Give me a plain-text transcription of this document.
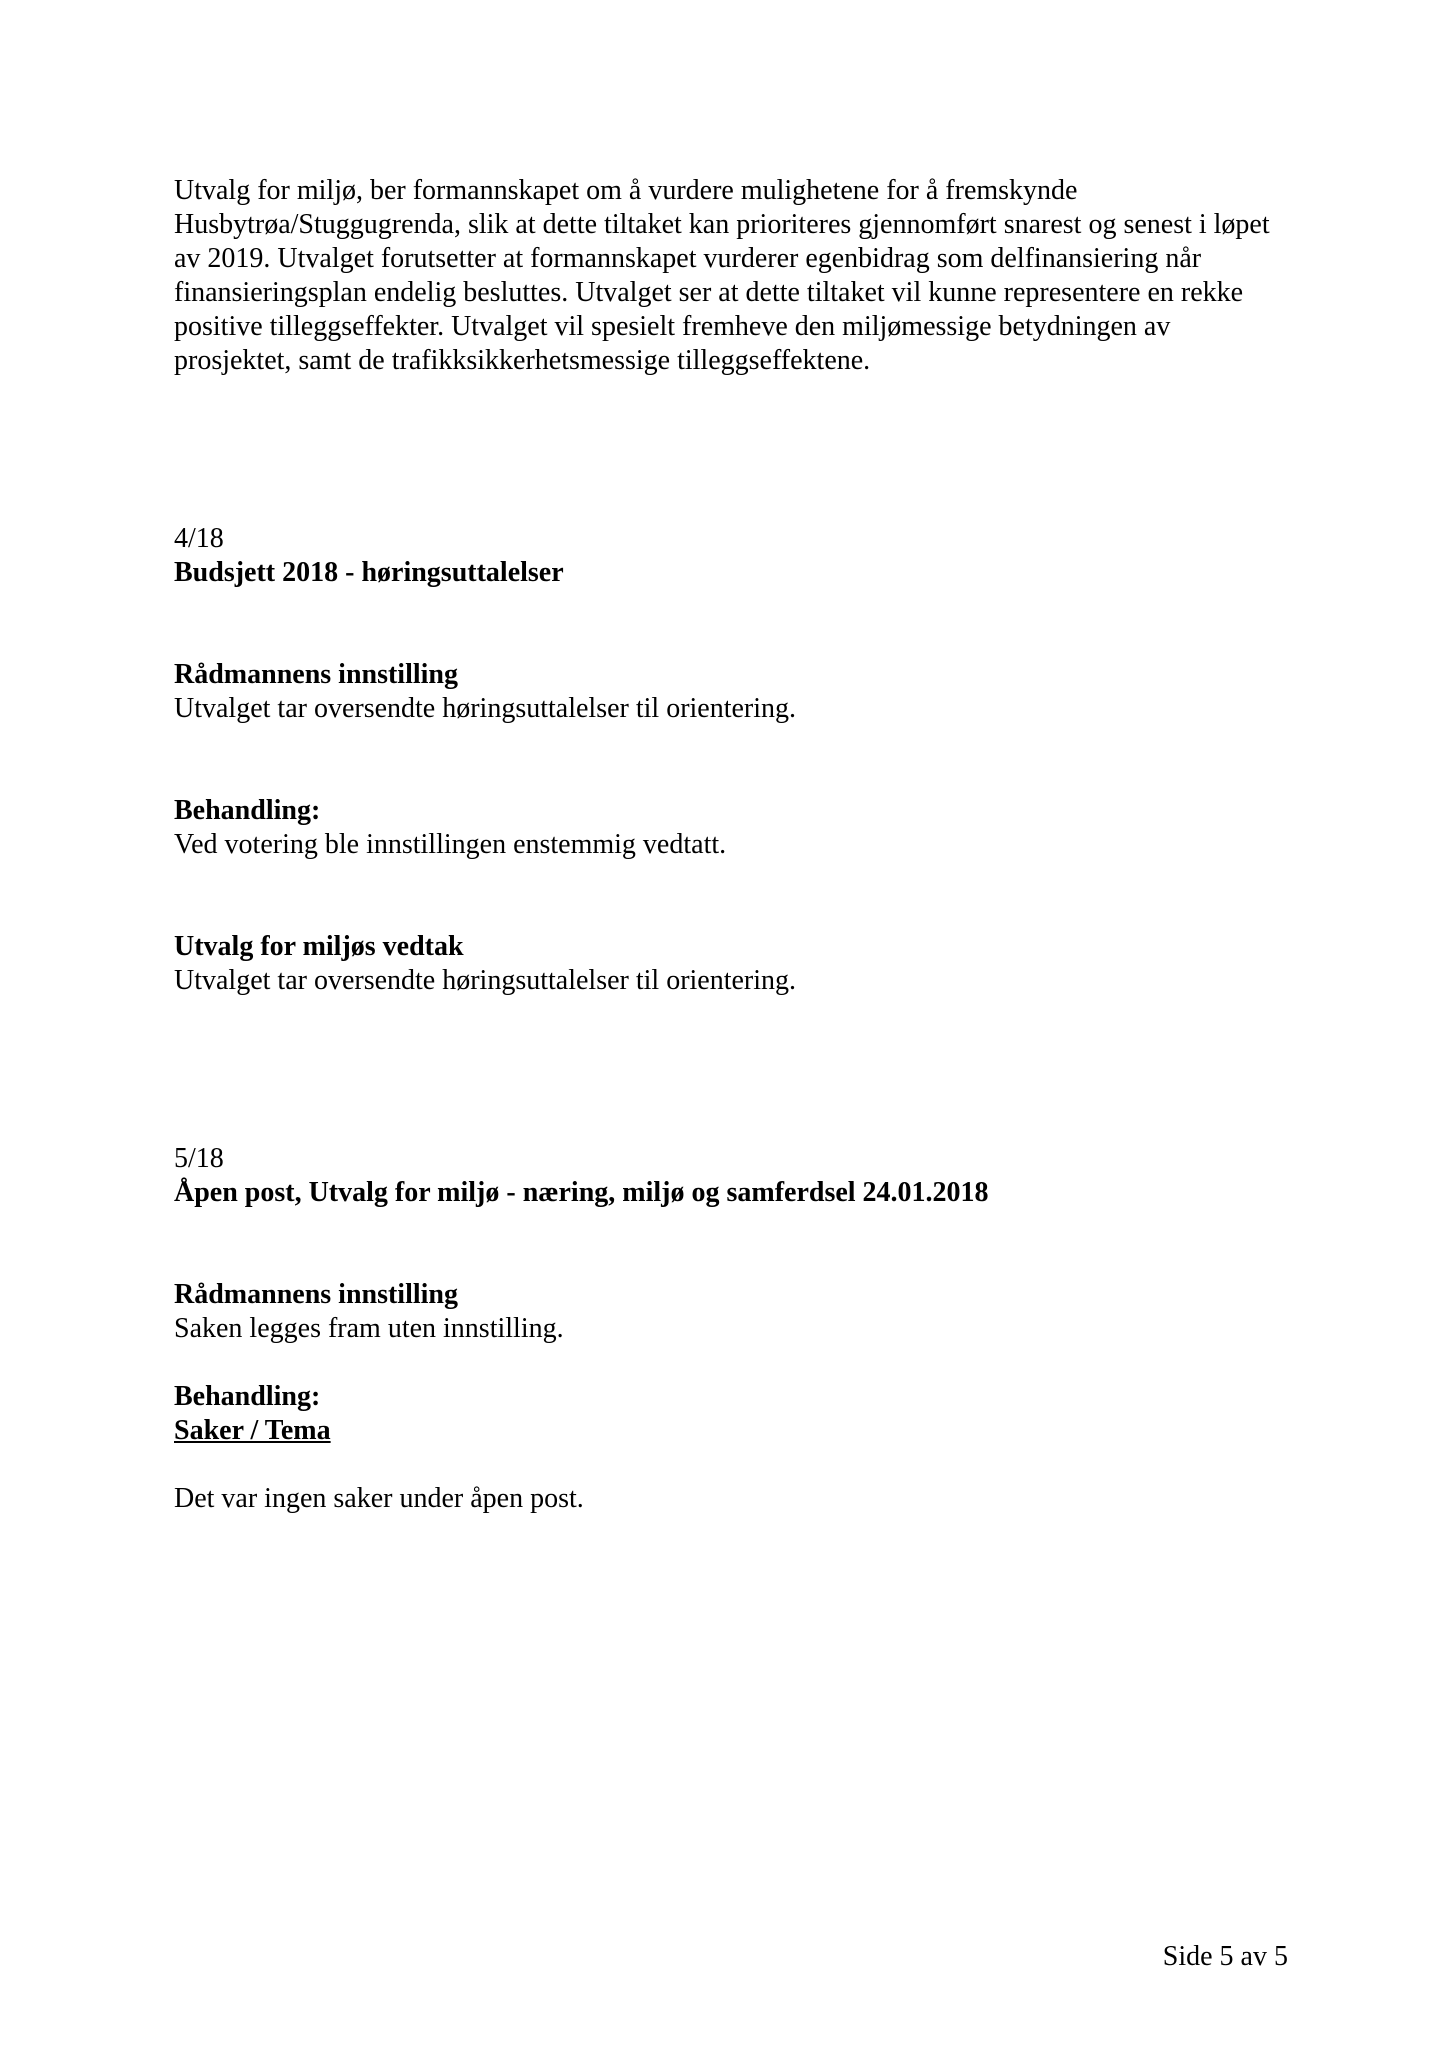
Utvalg for miljø, ber formannskapet om å vurdere mulighetene for å fremskynde Husbytrøa/Stuggugrenda, slik at dette tiltaket kan prioriteres gjennomført snarest og senest i løpet av 2019. Utvalget forutsetter at formannskapet vurderer egenbidrag som delfinansiering når finansieringsplan endelig besluttes. Utvalget ser at dette tiltaket vil kunne representere en rekke positive tilleggseffekter. Utvalget vil spesielt fremheve den miljømessige betydningen av prosjektet, samt de trafikksikkerhetsmessige tilleggseffektene.

4/18
Budsjett 2018 - høringsuttalelser
Rådmannens innstilling
Utvalget tar oversendte høringsuttalelser til orientering.
Behandling:
Ved votering ble innstillingen enstemmig vedtatt.
Utvalg for miljøs vedtak
Utvalget tar oversendte høringsuttalelser til orientering.
5/18
Åpen post, Utvalg for miljø - næring, miljø og samferdsel 24.01.2018
Rådmannens innstilling
Saken legges fram uten innstilling.
Behandling:
Saker / Tema
Det var ingen saker under åpen post.
Side 5 av 5
